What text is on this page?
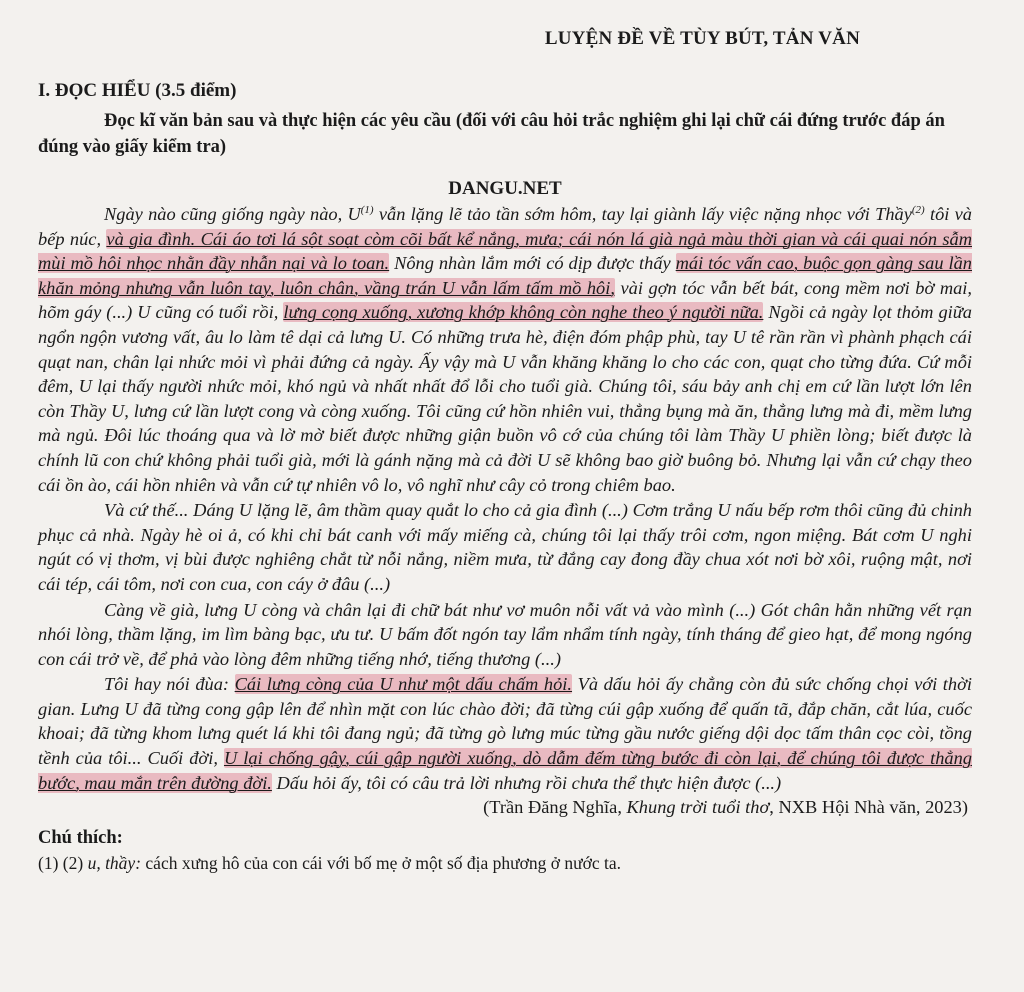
LUYỆN ĐỀ VỀ TÙY BÚT, TẢN VĂN
I. ĐỌC HIỂU (3.5 điểm)
Đọc kĩ văn bản sau và thực hiện các yêu cầu (đối với câu hỏi trắc nghiệm ghi lại chữ cái đứng trước đáp án đúng vào giấy kiểm tra)
DANGU.NET

Ngày nào cũng giống ngày nào, $U^{(1)}$ vẫn lặng lẽ tảo tần sớm hôm, tay lại giành lấy việc nặng nhọc với Thầy$^{(2)}$ tôi và bếp núc, và gia đình. Cái áo tơi lá sột soạt còm cõi bất kể nắng, mưa; cái nón lá già ngả màu thời gian và cái quai nón sẫm mùi mồ hôi nhọc nhằn đầy nhẫn nại và lo toan. Nông nhàn lắm mới có dịp được thấy mái tóc vấn cao, buộc gọn gàng sau lần khăn mỏng nhưng vẫn luôn tay, luôn chân, vầng trán U vẫn lấm tấm mồ hôi, vài gợn tóc vẫn bết bát, cong mềm nơi bờ mai, hõm gáy (...) U cũng có tuổi rồi, lưng cọng xuống, xương khớp không còn nghe theo ý người nữa. Ngồi cả ngày lọt thỏm giữa ngổn ngộn vương vất, âu lo làm tê dại cả lưng U. Có những trưa hè, điện đóm phập phù, tay U tê rần rần vì phành phạch cái quạt nan, chân lại nhức mỏi vì phải đứng cả ngày. Ấy vậy mà U vẫn khăng khăng lo cho các con, quạt cho từng đứa. Cứ mỗi đêm, U lại thấy người nhức mỏi, khó ngủ và nhất nhất đổ lỗi cho tuổi già. Chúng tôi, sáu bảy anh chị em cứ lần lượt lớn lên còn Thầy U, lưng cứ lần lượt cong và còng xuống. Tôi cũng cứ hồn nhiên vui, thẳng bụng mà ăn, thẳng lưng mà đi, mềm lưng mà ngủ. Đôi lúc thoáng qua và lờ mờ biết được những giận buồn vô cớ của chúng tôi làm Thầy U phiền lòng; biết được là chính lũ con chứ không phải tuổi già, mới là gánh nặng mà cả đời U sẽ không bao giờ buông bỏ. Nhưng lại vẫn cứ chạy theo cái ồn ào, cái hồn nhiên và vẫn cứ tự nhiên vô lo, vô nghĩ như cây cỏ trong chiêm bao.

Và cứ thế... Dáng U lặng lẽ, âm thầm quay quắt lo cho cả gia đình (...) Cơm trắng U nấu bếp rơm thôi cũng đủ chinh phục cả nhà. Ngày hè oi ả, có khi chỉ bát canh với mấy miếng cà, chúng tôi lại thấy trôi cơm, ngon miệng. Bát cơm U nghi ngút có vị thơm, vị bùi được nghiêng chắt từ nỗi nắng, niềm mưa, từ đắng cay đong đầy chua xót nơi bờ xôi, ruộng mật, nơi cái tép, cái tôm, nơi con cua, con cáy ở đâu (...)

Càng về già, lưng U còng và chân lại đi chữ bát như vơ muôn nỗi vất vả vào mình (...) Gót chân hằn những vết rạn nhói lòng, thầm lặng, im lìm bàng bạc, ưu tư. U bấm đốt ngón tay lẩm nhẩm tính ngày, tính tháng để gieo hạt, để mong ngóng con cái trở về, để phả vào lòng đêm những tiếng nhớ, tiếng thương (...)

Tôi hay nói đùa: Cái lưng còng của U như một dấu chấm hỏi. Và dấu hỏi ấy chẳng còn đủ sức chống chọi với thời gian. Lưng U đã từng cong gập lên để nhìn mặt con lúc chào đời; đã từng cúi gập xuống để quấn tã, đắp chăn, cắt lúa, cuốc khoai; đã từng khom lưng quét lá khi tôi đang ngủ; đã từng gò lưng múc từng gầu nước giếng dội dọc tấm thân cọc còi, tồng tềnh của tôi... Cuối đời, U lại chống gậy, cúi gập người xuống, dò dẫm đếm từng bước đi còn lại, để chúng tôi được thẳng bước, mau mắn trên đường đời. Dấu hỏi ấy, tôi có câu trả lời nhưng rồi chưa thể thực hiện được (...)

(Trần Đăng Nghĩa, Khung trời tuổi thơ, NXB Hội Nhà văn, 2023)
Chú thích:
(1) (2) u, thầy: cách xưng hô của con cái với bố mẹ ở một số địa phương ở nước ta.
